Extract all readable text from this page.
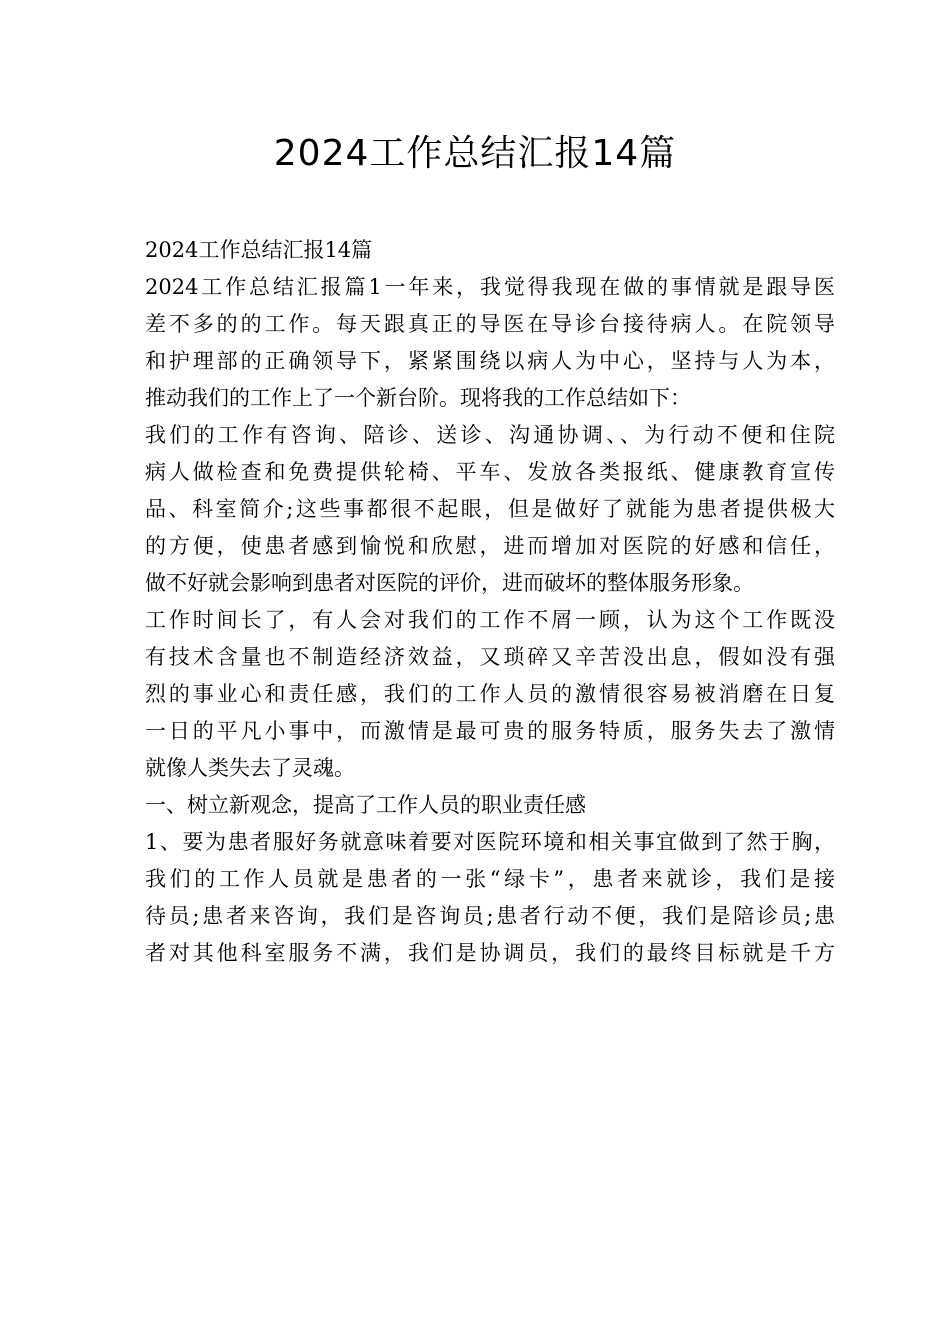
2024工作总结汇报14篇
2024工作总结汇报14篇
2024工作总结汇报篇1一年来，我觉得我现在做的事情就是跟导医
差不多的的工作。每天跟真正的导医在导诊台接待病人。在院领导
和护理部的正确领导下，紧紧围绕以病人为中心，坚持与人为本，
推动我们的工作上了一个新台阶。现将我的工作总结如下：
我们的工作有咨询、陪诊、送诊、沟通协调、、为行动不便和住院
病人做检查和免费提供轮椅、平车、发放各类报纸、健康教育宣传
品、科室简介;这些事都很不起眼，但是做好了就能为患者提供极大
的方便，使患者感到愉悦和欣慰，进而增加对医院的好感和信任，
做不好就会影响到患者对医院的评价，进而破坏的整体服务形象。
工作时间长了，有人会对我们的工作不屑一顾，认为这个工作既没
有技术含量也不制造经济效益，又琐碎又辛苦没出息，假如没有强
烈的事业心和责任感，我们的工作人员的激情很容易被消磨在日复
一日的平凡小事中，而激情是最可贵的服务特质，服务失去了激情
就像人类失去了灵魂。
一、树立新观念，提高了工作人员的职业责任感
1、要为患者服好务就意味着要对医院环境和相关事宜做到了然于胸，
我们的工作人员就是患者的一张“绿卡”，患者来就诊，我们是接
待员;患者来咨询，我们是咨询员;患者行动不便，我们是陪诊员;患
者对其他科室服务不满，我们是协调员，我们的最终目标就是千方
